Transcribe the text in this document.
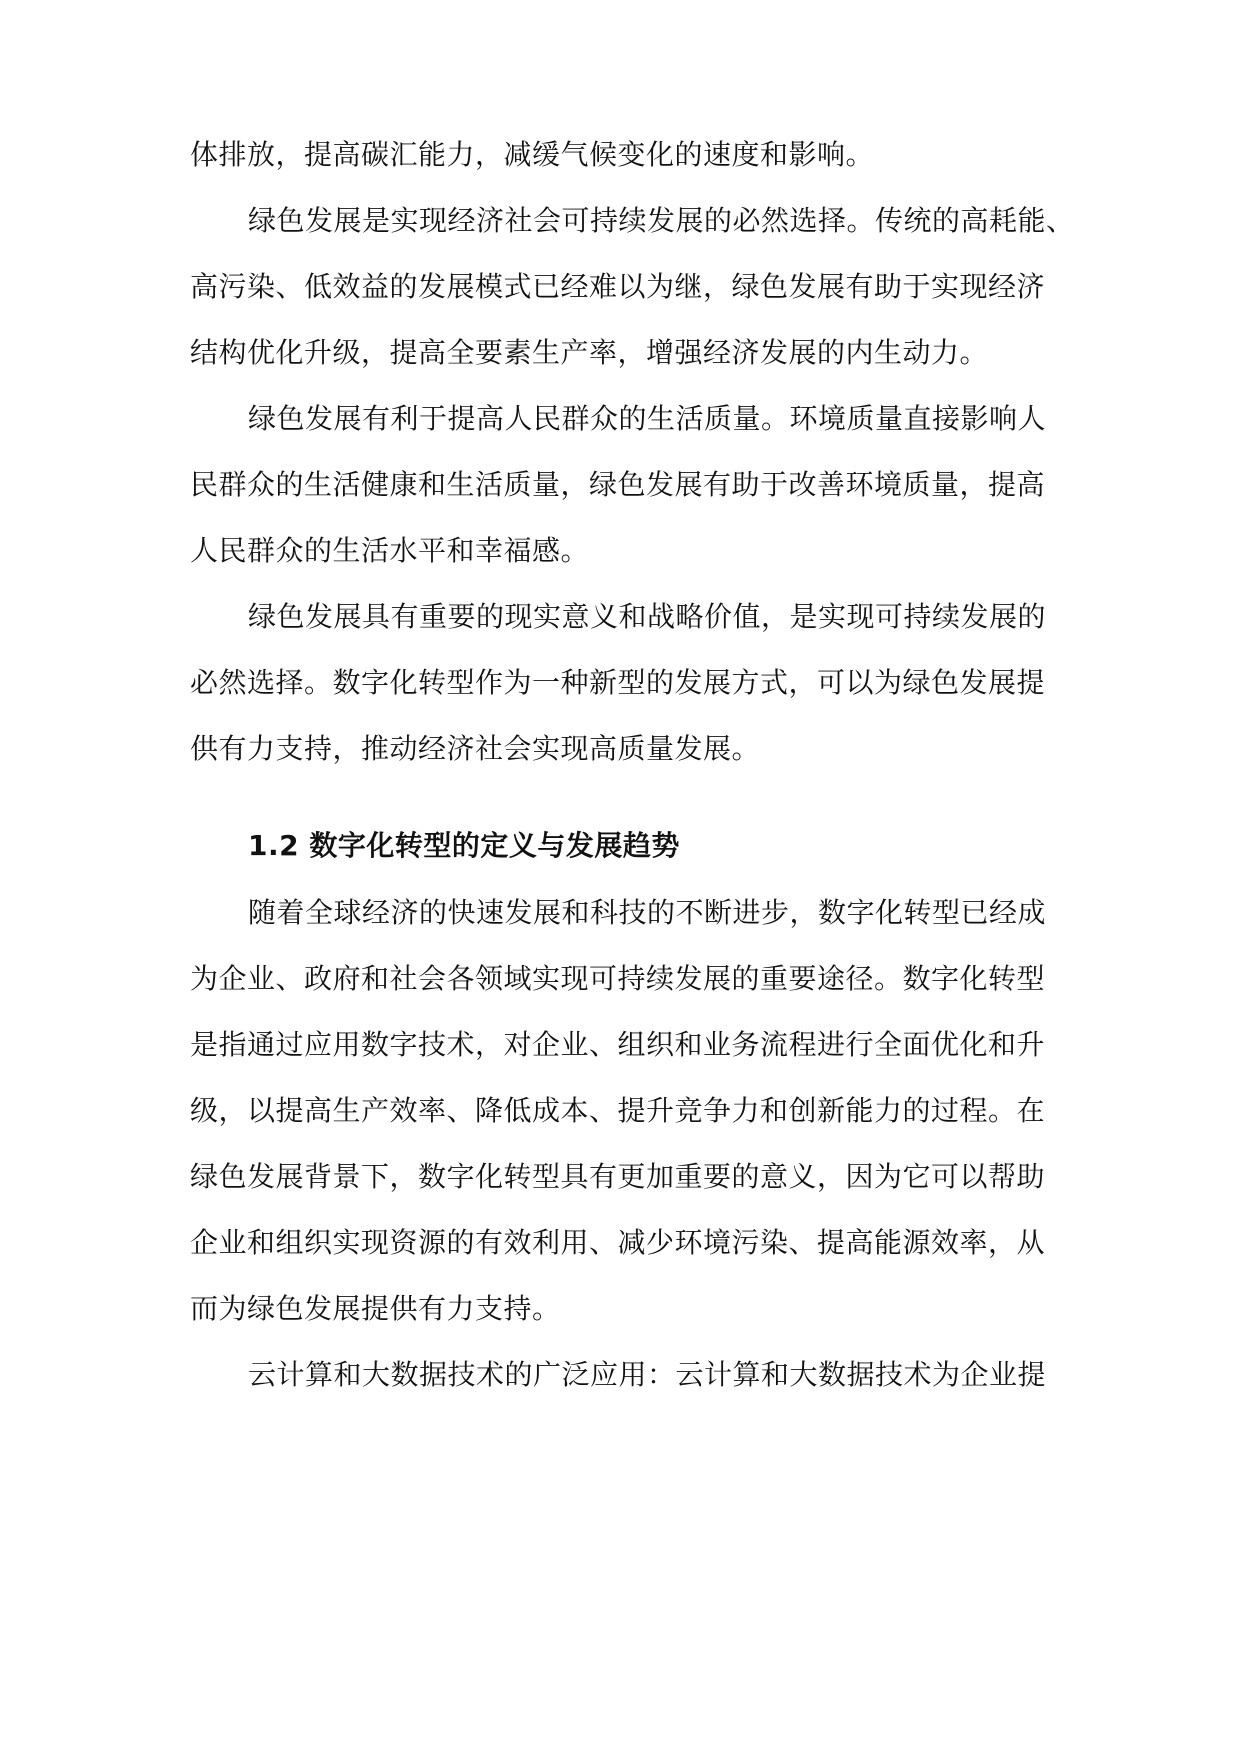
体排放，提高碳汇能力，减缓气候变化的速度和影响。
绿色发展是实现经济社会可持续发展的必然选择。传统的高耗能、
高污染、低效益的发展模式已经难以为继，绿色发展有助于实现经济
结构优化升级，提高全要素生产率，增强经济发展的内生动力。
绿色发展有利于提高人民群众的生活质量。环境质量直接影响人
民群众的生活健康和生活质量，绿色发展有助于改善环境质量，提高
人民群众的生活水平和幸福感。
绿色发展具有重要的现实意义和战略价值，是实现可持续发展的
必然选择。数字化转型作为一种新型的发展方式，可以为绿色发展提
供有力支持，推动经济社会实现高质量发展。
1.2 数字化转型的定义与发展趋势
随着全球经济的快速发展和科技的不断进步，数字化转型已经成
为企业、政府和社会各领域实现可持续发展的重要途径。数字化转型
是指通过应用数字技术，对企业、组织和业务流程进行全面优化和升
级，以提高生产效率、降低成本、提升竞争力和创新能力的过程。在
绿色发展背景下，数字化转型具有更加重要的意义，因为它可以帮助
企业和组织实现资源的有效利用、减少环境污染、提高能源效率，从
而为绿色发展提供有力支持。
云计算和大数据技术的广泛应用：云计算和大数据技术为企业提
